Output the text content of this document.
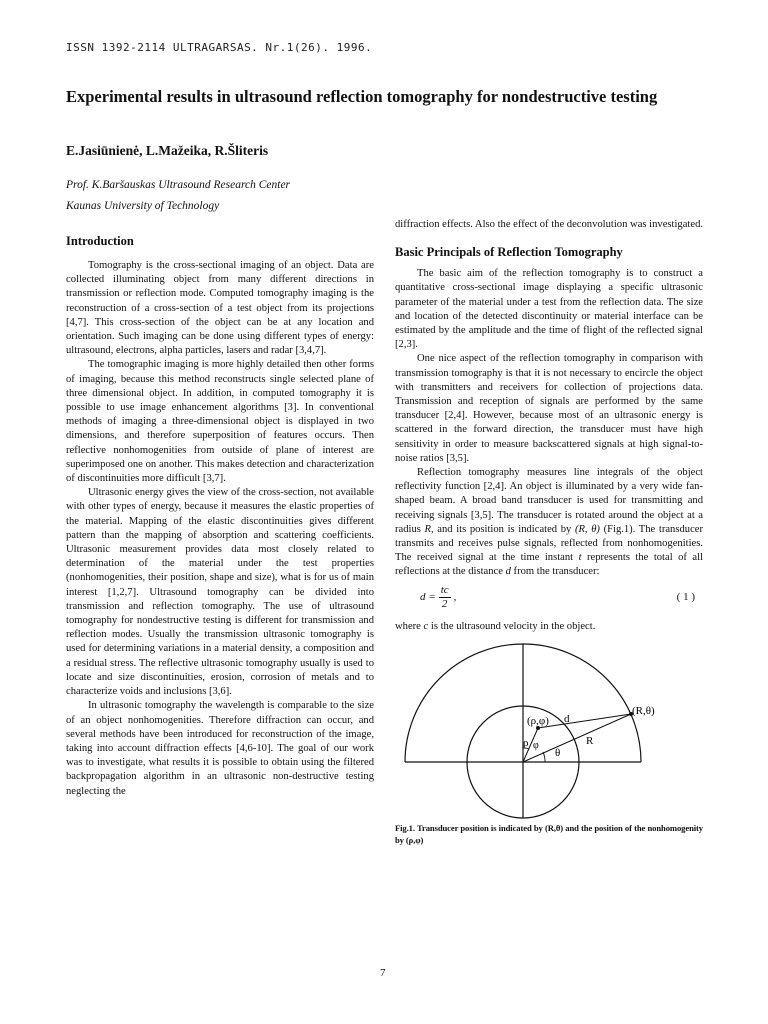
ISSN 1392-2114 ULTRAGARSAS. Nr.1(26). 1996.
Experimental results in ultrasound reflection tomography for nondestructive testing
E.Jasiūnienė, L.Mažeika, R.Šliteris
Prof. K.Baršauskas Ultrasound Research Center
Kaunas University of Technology
Introduction

Tomography is the cross-sectional imaging of an object. Data are collected illuminating object from many different directions in transmission or reflection mode. Computed tomography imaging is the reconstruction of a cross-section of a test object from its projections [4,7]. This cross-section of the object can be at any location and orientation. Such imaging can be done using different types of energy: ultrasound, electrons, alpha particles, lasers and radar [3,4,7].

The tomographic imaging is more highly detailed then other forms of imaging, because this method reconstructs single selected plane of three dimensional object. In addition, in computed tomography it is possible to use image enhancement algorithms [3]. In conventional methods of imaging a three-dimensional object is displayed in two dimensions, and therefore superposition of features occurs. Then reflective nonhomogenities from outside of plane of interest are superimposed one on another. This makes detection and characterization of discontinuities more difficult [3,7].

Ultrasonic energy gives the view of the cross-section, not available with other types of energy, because it measures the elastic properties of the material. Mapping of the elastic discontinuities gives different pattern than the mapping of absorption and scattering coefficients. Ultrasonic measurement provides data most closely related to determination of the material under the test properties (nonhomogenities, their position, shape and size), what is for us of main interest [1,2,7]. Ultrasound tomography can be divided into transmission and reflection tomography. The use of ultrasound tomography for nondestructive testing is different for transmission and reflection modes. Usually the transmission ultrasonic tomography is used for determining variations in a material density, a composition and a residual stress. The reflective ultrasonic tomography usually is used to locate and size discontinuities, erosion, corrosion of metals and to characterize voids and inclusions [3,6].

In ultrasonic tomography the wavelength is comparable to the size of an object nonhomogenities. Therefore diffraction can occur, and several methods have been introduced for reconstruction of the image, taking into account diffraction effects [4,6-10]. The goal of our work was to investigate, what results it is possible to obtain using the filtered backpropagation algorithm in an ultrasonic non-destructive testing neglecting the

diffraction effects. Also the effect of the deconvolution was investigated.

Basic Principals of Reflection Tomography

The basic aim of the reflection tomography is to construct a quantitative cross-sectional image displaying a specific ultrasonic parameter of the material under a test from the reflection data. The size and location of the detected discontinuity or material interface can be estimated by the amplitude and the time of flight of the reflected signal [2,3].

One nice aspect of the reflection tomography in comparison with transmission tomography is that it is not necessary to encircle the object with transmitters and receivers for collection of projections data. Transmission and reception of signals are performed by the same transducer [2,4]. However, because most of an ultrasonic energy is scattered in the forward direction, the transducer must have high sensitivity in order to measure backscattered signals at high signal-to-noise ratios [3,5].

Reflection tomography measures line integrals of the object reflectivity function [2,4]. An object is illuminated by a very wide fan-shaped beam. A broad band transducer is used for transmitting and receiving signals [3,5]. The transducer is rotated around the object at a radius R, and its position is indicated by (R, θ) (Fig.1). The transducer transmits and receives pulse signals, reflected from nonhomogenities. The received signal at the time instant t represents the total of all reflections at the distance d from the transducer:

$d = \frac{tc}{2}$ ,	( 1 )

where c is the ultrasound velocity in the object.

(ρ,φ) d
(R,θ)
ρ φ	R
θ
Fig.1. Transducer position is indicated by (R,θ) and the position of the nonhomogenity by (ρ,φ)
7
